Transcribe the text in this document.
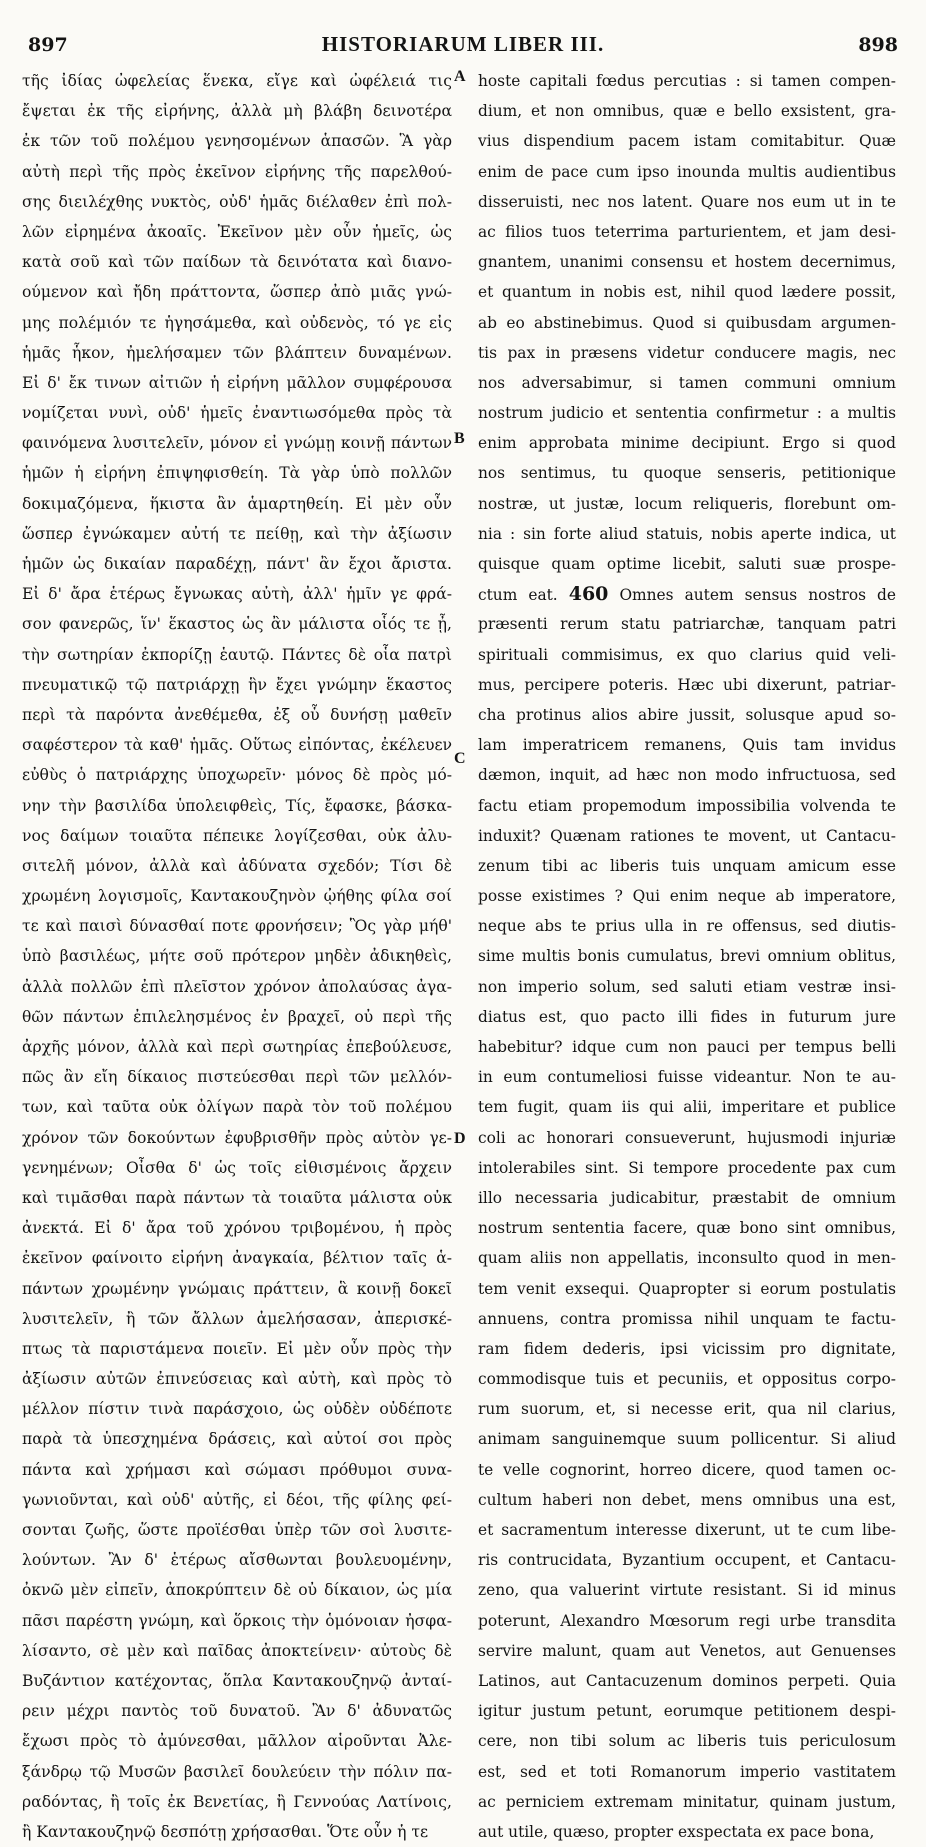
897	HISTORIARUM LIBER III.	898
τῆς ἰδίας ὠφελείας ἕνεκα, εἴγε καὶ ὠφέλειά τις
ἔψεται ἐκ τῆς εἰρήνης, ἀλλὰ μὴ βλάβη δεινοτέρα
ἐκ τῶν τοῦ πολέμου γενησομένων ἁπασῶν. Ἃ γὰρ
αὐτὴ περὶ τῆς πρὸς ἐκεῖνον εἰρήνης τῆς παρελθού-
σης διειλέχθης νυκτὸς, οὐδ' ἡμᾶς διέλαθεν ἐπὶ πολ-
λῶν εἰρημένα ἀκοαῖς. Ἐκεῖνον μὲν οὖν ἡμεῖς, ὡς
κατὰ σοῦ καὶ τῶν παίδων τὰ δεινότατα καὶ διανο-
ούμενον καὶ ἤδη πράττοντα, ὥσπερ ἀπὸ μιᾶς γνώ-
μης πολέμιόν τε ἡγησάμεθα, καὶ οὐδενὸς, τό γε εἰς
ἡμᾶς ἧκον, ἠμελήσαμεν τῶν βλάπτειν δυναμένων.
Εἰ δ' ἔκ τινων αἰτιῶν ἡ εἰρήνη μᾶλλον συμφέρουσα
νομίζεται νυνὶ, οὐδ' ἡμεῖς ἐναντιωσόμεθα πρὸς τὰ
φαινόμενα λυσιτελεῖν, μόνον εἰ γνώμῃ κοινῇ πάντων
ἡμῶν ἡ εἰρήνη ἐπιψηφισθείη. Τὰ γὰρ ὑπὸ πολλῶν
δοκιμαζόμενα, ἥκιστα ἂν ἁμαρτηθείη. Εἰ μὲν οὖν
ὥσπερ ἐγνώκαμεν αὐτή τε πείθῃ, καὶ τὴν ἀξίωσιν
ἡμῶν ὡς δικαίαν παραδέχῃ, πάντ' ἂν ἔχοι ἄριστα.
Εἰ δ' ἄρα ἑτέρως ἔγνωκας αὐτὴ, ἀλλ' ἡμῖν γε φρά-
σον φανερῶς, ἵν' ἕκαστος ὡς ἂν μάλιστα οἷός τε ᾖ,
τὴν σωτηρίαν ἐκπορίζῃ ἑαυτῷ. Πάντες δὲ οἷα πατρὶ
πνευματικῷ τῷ πατριάρχῃ ἣν ἔχει γνώμην ἕκαστος
περὶ τὰ παρόντα ἀνεθέμεθα, ἐξ οὗ δυνήσῃ μαθεῖν
σαφέστερον τὰ καθ' ἡμᾶς. Οὕτως εἰπόντας, ἐκέλευεν
εὐθὺς ὁ πατριάρχης ὑποχωρεῖν· μόνος δὲ πρὸς μό-
νην τὴν βασιλίδα ὑπολειφθεὶς, Τίς, ἔφασκε, βάσκα-
νος δαίμων τοιαῦτα πέπεικε λογίζεσθαι, οὐκ ἀλυ-
σιτελῆ μόνον, ἀλλὰ καὶ ἀδύνατα σχεδόν; Τίσι δὲ
χρωμένη λογισμοῖς, Καντακουζηνὸν ᾠήθης φίλα σοί
τε καὶ παισὶ δύνασθαί ποτε φρονήσειν; Ὃς γὰρ μήθ'
ὑπὸ βασιλέως, μήτε σοῦ πρότερον μηδὲν ἀδικηθεὶς,
ἀλλὰ πολλῶν ἐπὶ πλεῖστον χρόνον ἀπολαύσας ἀγα-
θῶν πάντων ἐπιλελησμένος ἐν βραχεῖ, οὐ περὶ τῆς
ἀρχῆς μόνον, ἀλλὰ καὶ περὶ σωτηρίας ἐπεβούλευσε,
πῶς ἂν εἴη δίκαιος πιστεύεσθαι περὶ τῶν μελλόν-
των, καὶ ταῦτα οὐκ ὀλίγων παρὰ τὸν τοῦ πολέμου
χρόνον τῶν δοκούντων ἐφυβρισθῆν πρὸς αὐτὸν γε-
γενημένων; Οἶσθα δ' ὡς τοῖς εἰθισμένοις ἄρχειν
καὶ τιμᾶσθαι παρὰ πάντων τὰ τοιαῦτα μάλιστα οὐκ
ἀνεκτά. Εἰ δ' ἄρα τοῦ χρόνου τριβομένου, ἡ πρὸς
ἐκεῖνον φαίνοιτο εἰρήνη ἀναγκαία, βέλτιον ταῖς ἁ-
πάντων χρωμένην γνώμαις πράττειν, ἃ κοινῇ δοκεῖ
λυσιτελεῖν, ἢ τῶν ἄλλων ἀμελήσασαν, ἀπερισκέ-
πτως τὰ παριστάμενα ποιεῖν. Εἰ μὲν οὖν πρὸς τὴν
ἀξίωσιν αὐτῶν ἐπινεύσειας καὶ αὐτὴ, καὶ πρὸς τὸ
μέλλον πίστιν τινὰ παράσχοιο, ὡς οὐδὲν οὐδέποτε
παρὰ τὰ ὑπεσχημένα δράσεις, καὶ αὐτοί σοι πρὸς
πάντα καὶ χρήμασι καὶ σώμασι πρόθυμοι συνα-
γωνιοῦνται, καὶ οὐδ' αὐτῆς, εἰ δέοι, τῆς φίλης φεί-
σονται ζωῆς, ὥστε προϊέσθαι ὑπὲρ τῶν σοὶ λυσιτε-
λούντων. Ἂν δ' ἑτέρως αἴσθωνται βουλευομένην,
ὀκνῶ μὲν εἰπεῖν, ἀποκρύπτειν δὲ οὐ δίκαιον, ὡς μία
πᾶσι παρέστη γνώμη, καὶ ὅρκοις τὴν ὁμόνοιαν ἠσφα-
λίσαντο, σὲ μὲν καὶ παῖδας ἀποκτείνειν· αὐτοὺς δὲ
Βυζάντιον κατέχοντας, ὅπλα Καντακουζηνῷ ἀνταί-
ρειν μέχρι παντὸς τοῦ δυνατοῦ. Ἂν δ' ἀδυνατῶς
ἔχωσι πρὸς τὸ ἀμύνεσθαι, μᾶλλον αἱροῦνται Ἀλε-
ξάνδρῳ τῷ Μυσῶν βασιλεῖ δουλεύειν τὴν πόλιν πα-
ραδόντας, ἢ τοῖς ἐκ Βενετίας, ἢ Γεννούας Λατίνοις,
ἢ Καντακουζηνῷ δεσπότῃ χρήσασθαι. Ὅτε οὖν ἡ τε
hoste capitali fœdus percutias : si tamen compen-
dium, et non omnibus, quæ e bello exsistent, gra-
vius dispendium pacem istam comitabitur. Quæ
enim de pace cum ipso inounda multis audientibus
disseruisti, nec nos latent. Quare nos eum ut in te
ac filios tuos teterrima parturientem, et jam desi-
gnantem, unanimi consensu et hostem decernimus,
et quantum in nobis est, nihil quod lædere possit,
ab eo abstinebimus. Quod si quibusdam argumen-
tis pax in præsens videtur conducere magis, nec
nos adversabimur, si tamen communi omnium
nostrum judicio et sententia confirmetur : a multis
enim approbata minime decipiunt. Ergo si quod
nos sentimus, tu quoque senseris, petitionique
nostræ, ut justæ, locum reliqueris, florebunt om-
nia : sin forte aliud statuis, nobis aperte indica, ut
quisque quam optime licebit, saluti suæ prospe-
ctum eat. 460 Omnes autem sensus nostros de
præsenti rerum statu patriarchæ, tanquam patri
spirituali commisimus, ex quo clarius quid veli-
mus, percipere poteris. Hæc ubi dixerunt, patriar-
cha protinus alios abire jussit, solusque apud so-
lam imperatricem remanens, Quis tam invidus
dæmon, inquit, ad hæc non modo infructuosa, sed
factu etiam propemodum impossibilia volvenda te
induxit? Quænam rationes te movent, ut Cantacu-
zenum tibi ac liberis tuis unquam amicum esse
posse existimes ? Qui enim neque ab imperatore,
neque abs te prius ulla in re offensus, sed diutis-
sime multis bonis cumulatus, brevi omnium oblitus,
non imperio solum, sed saluti etiam vestræ insi-
diatus est, quo pacto illi fides in futurum jure
habebitur? idque cum non pauci per tempus belli
in eum contumeliosi fuisse videantur. Non te au-
tem fugit, quam iis qui alii, imperitare et publice
coli ac honorari consueverunt, hujusmodi injuriæ
intolerabiles sint. Si tempore procedente pax cum
illo necessaria judicabitur, præstabit de omnium
nostrum sententia facere, quæ bono sint omnibus,
quam aliis non appellatis, inconsulto quod in men-
tem venit exsequi. Quapropter si eorum postulatis
annuens, contra promissa nihil unquam te factu-
ram fidem dederis, ipsi vicissim pro dignitate,
commodisque tuis et pecuniis, et oppositus corpo-
rum suorum, et, si necesse erit, qua nil clarius,
animam sanguinemque suum pollicentur. Si aliud
te velle cognorint, horreo dicere, quod tamen oc-
cultum haberi non debet, mens omnibus una est,
et sacramentum interesse dixerunt, ut te cum libe-
ris contrucidata, Byzantium occupent, et Cantacu-
zeno, qua valuerint virtute resistant. Si id minus
poterunt, Alexandro Mœsorum regi urbe transdita
servire malunt, quam aut Venetos, aut Genuenses
Latinos, aut Cantacuzenum dominos perpeti. Quia
igitur justum petunt, eorumque petitionem despi-
cere, non tibi solum ac liberis tuis periculosum
est, sed et toti Romanorum imperio vastitatem
ac perniciem extremam minitatur, quinam justum,
aut utile, quæso, propter exspectata ex pace bona,
A
B
C
D
